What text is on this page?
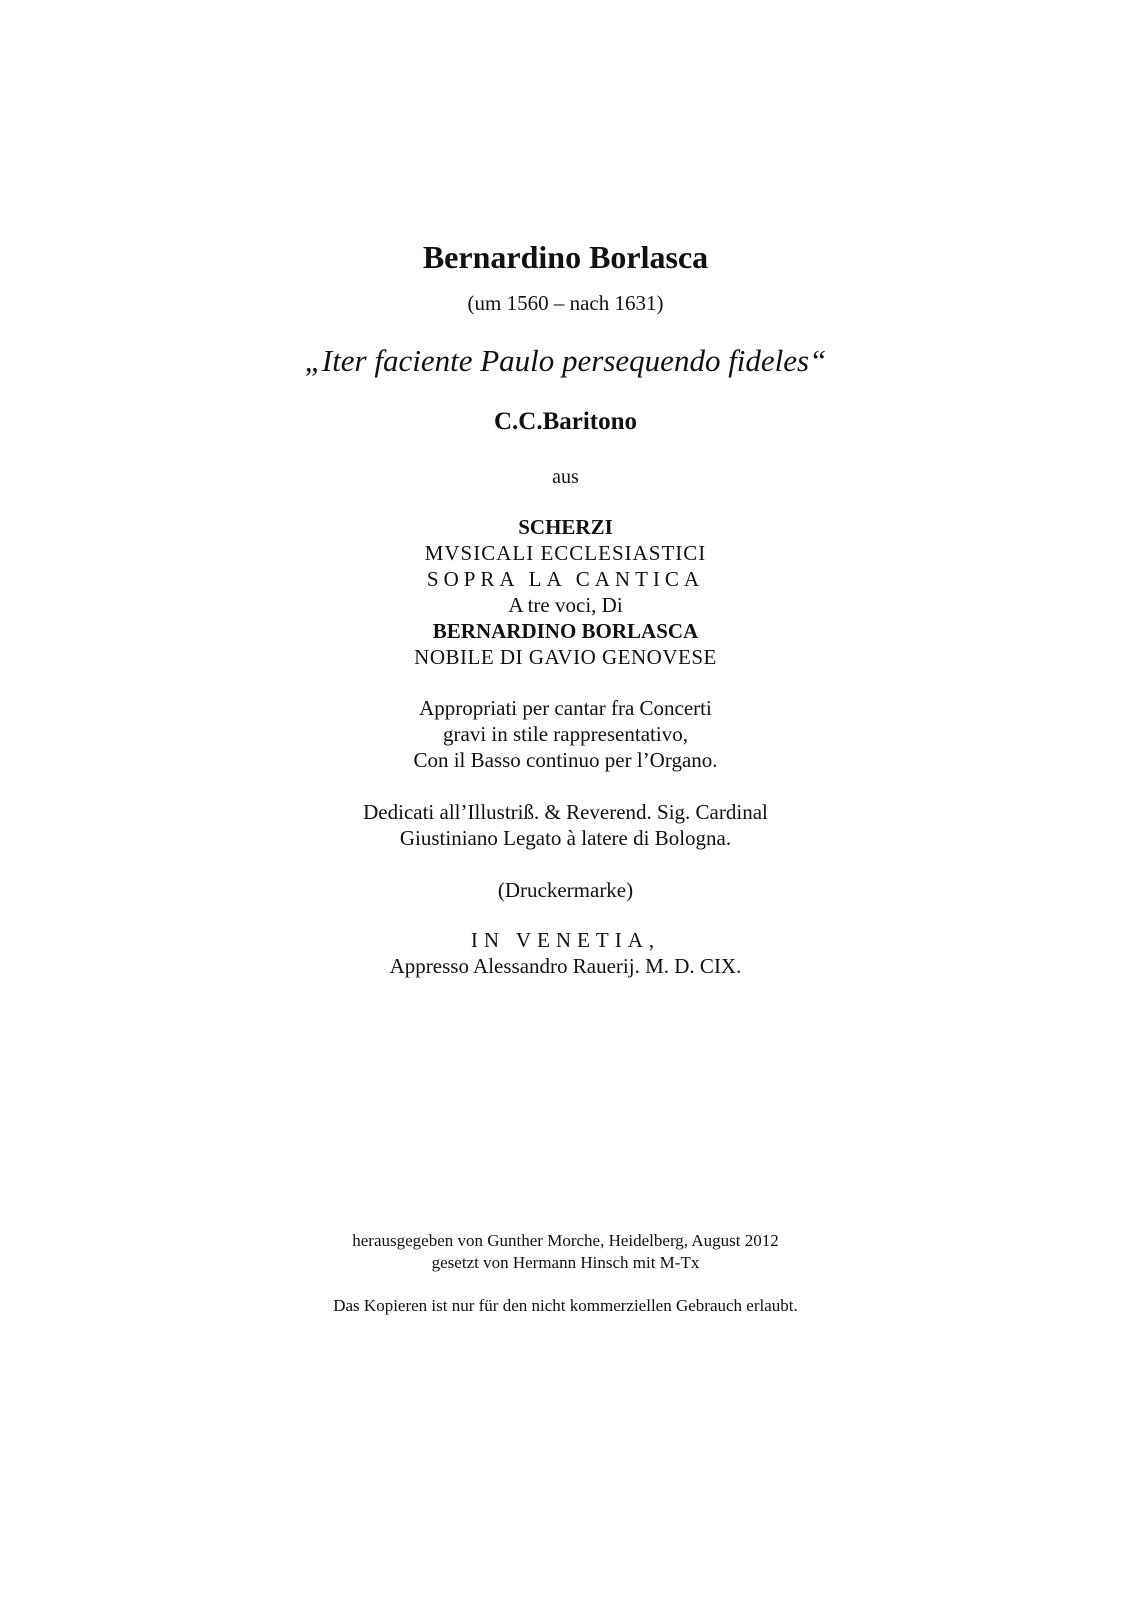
Bernardino Borlasca
(um 1560 – nach 1631)
„Iter faciente Paulo persequendo fideles“
C.C.Baritono
aus
SCHERZI
MVSICALI ECCLESIASTICI
SOPRA LA CANTICA
A tre voci, Di
BERNARDINO BORLASCA
NOBILE DI GAVIO GENOVESE
Appropriati per cantar fra Concerti
gravi in stile rappresentativo,
Con il Basso continuo per l’Organo.
Dedicati all’Illustriß. & Reverend. Sig. Cardinal
Giustiniano Legato à latere di Bologna.
(Druckermarke)
IN VENETIA,
Appresso Alessandro Rauerij. M. D. CIX.
herausgegeben von Gunther Morche, Heidelberg, August 2012
gesetzt von Hermann Hinsch mit M-Tx
Das Kopieren ist nur für den nicht kommerziellen Gebrauch erlaubt.
